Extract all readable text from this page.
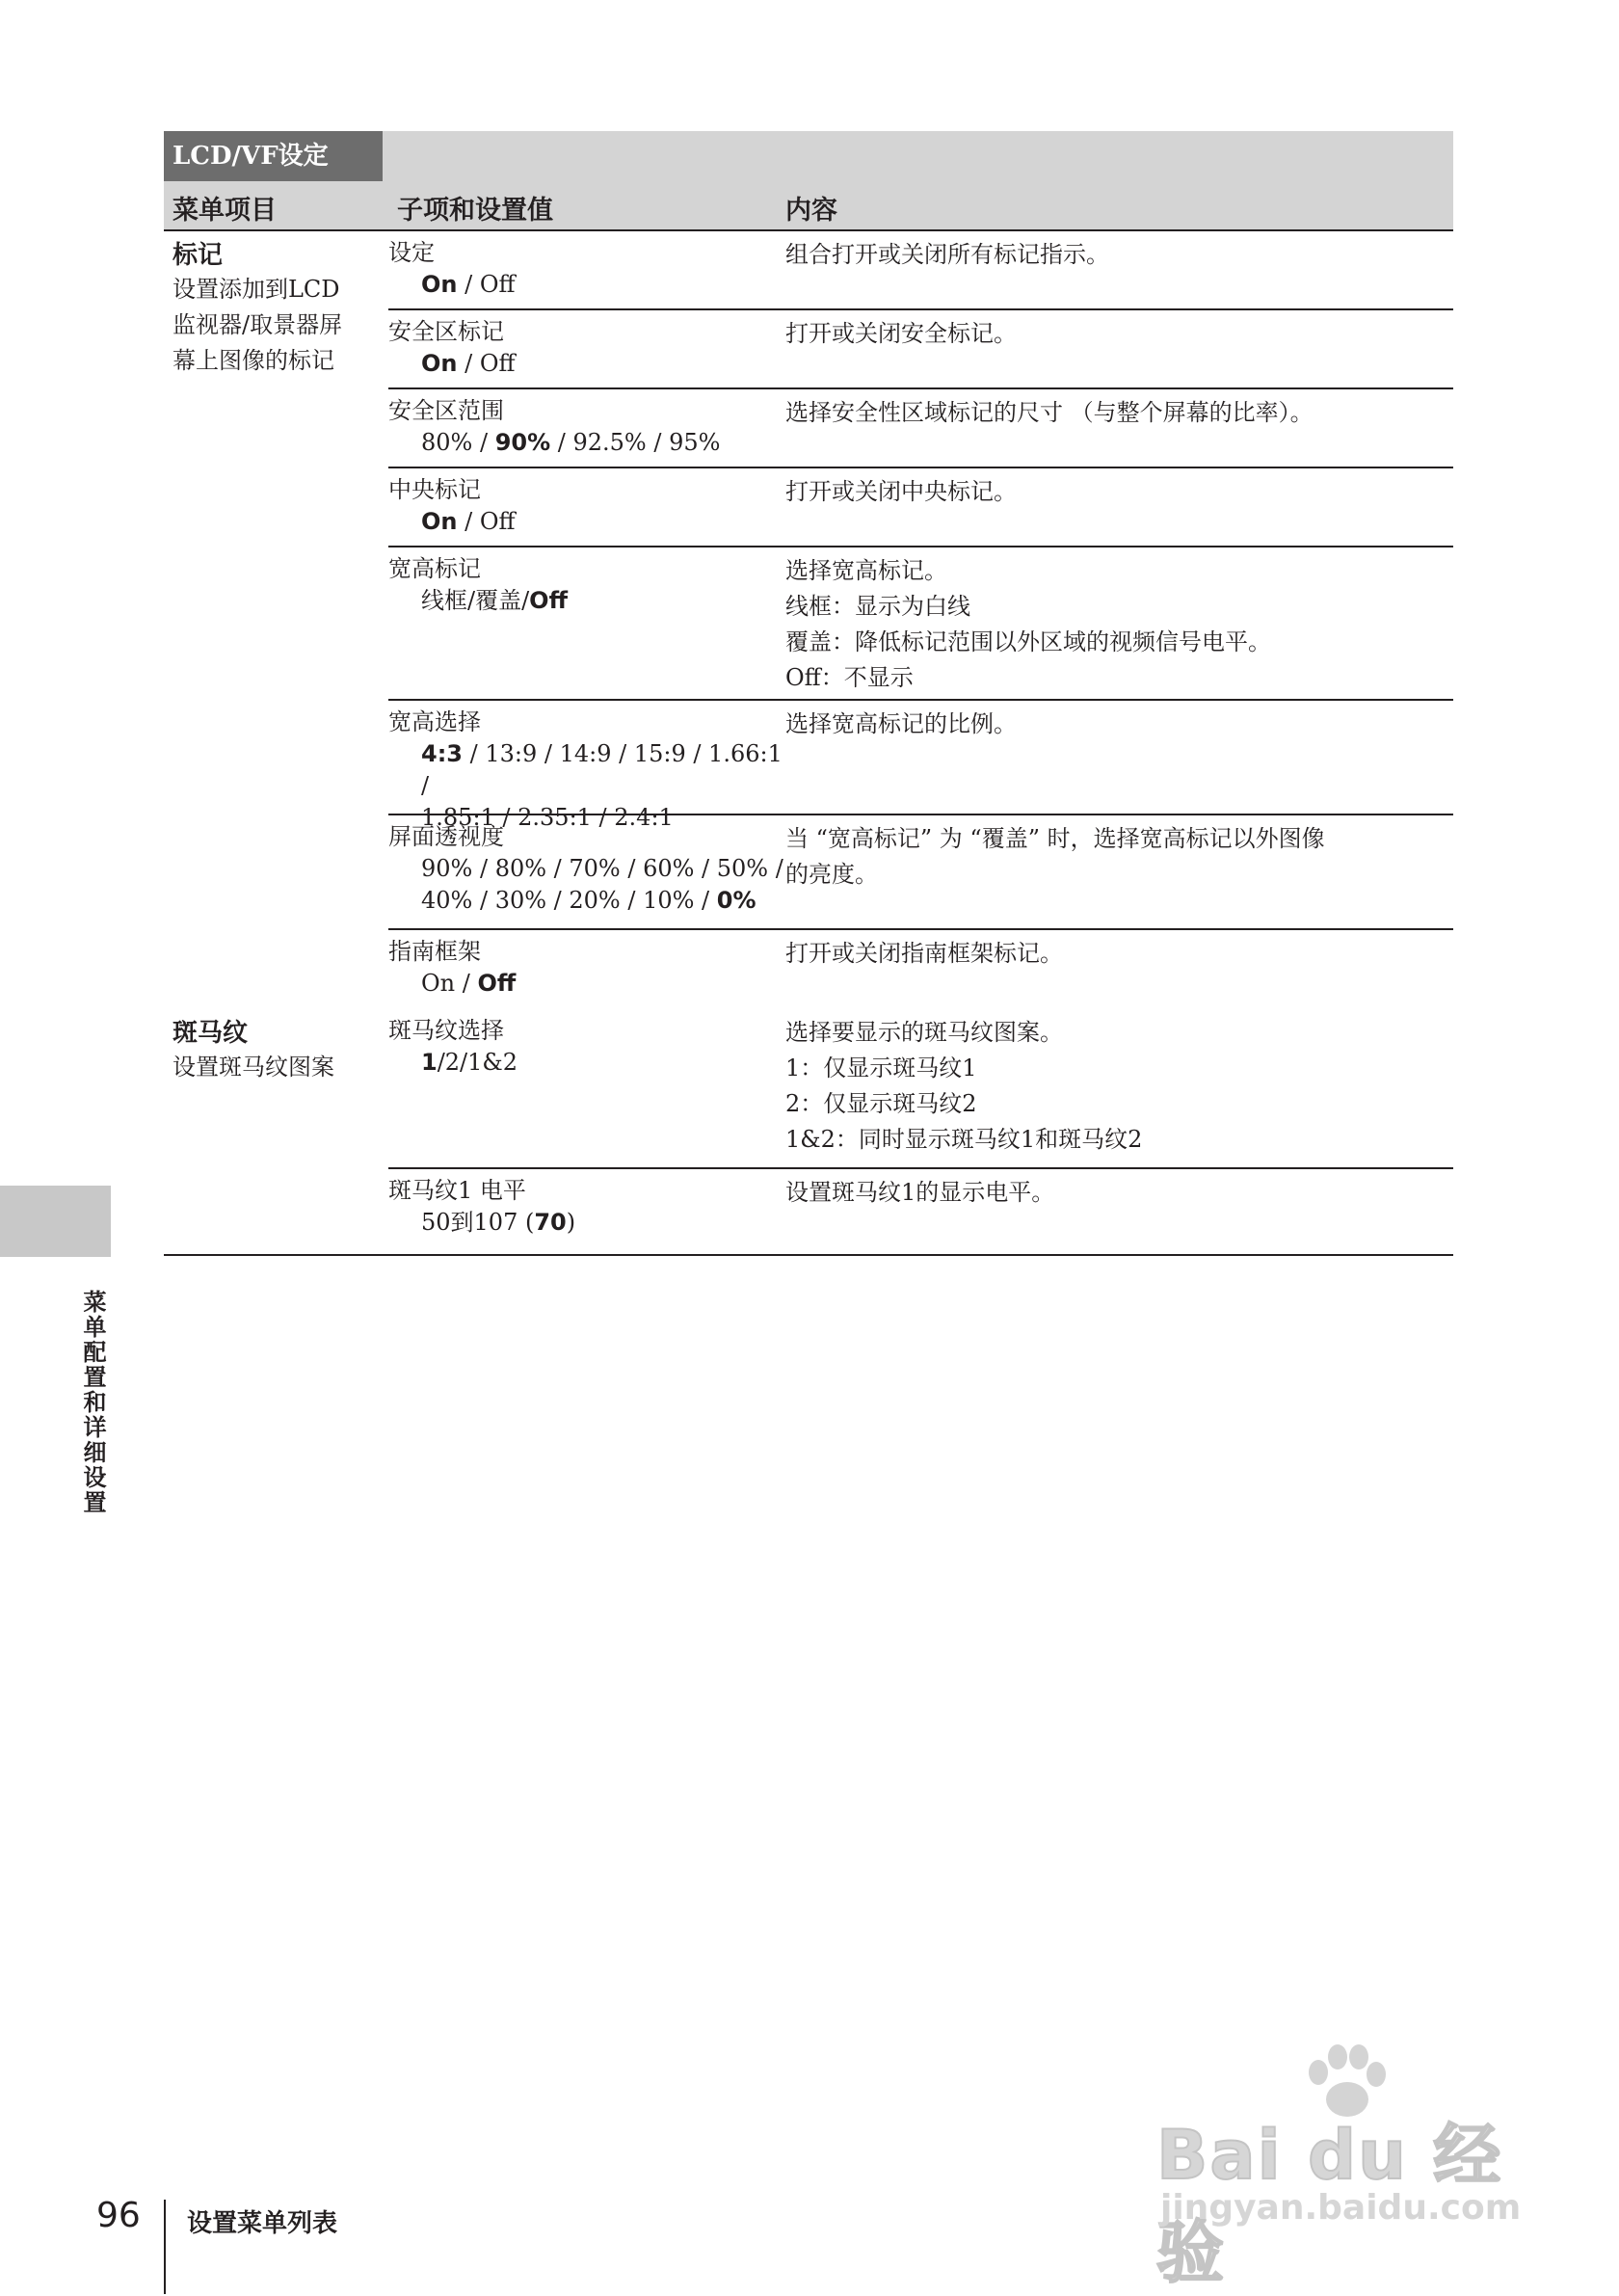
LCD/VF设定
菜单项目	子项和设置值	内容
标记
设置添加到LCD
监视器/取景器屏
幕上图像的标记
设定
On / Off
组合打开或关闭所有标记指示。
安全区标记
On / Off
打开或关闭安全标记。
安全区范围
80% / 90% / 92.5% / 95%
选择安全性区域标记的尺寸 （与整个屏幕的比率）。
中央标记
On / Off
打开或关闭中央标记。
宽高标记
线框/覆盖/Off
选择宽高标记。
线框：显示为白线
覆盖：降低标记范围以外区域的视频信号电平。
Off：不显示
宽高选择
4:3 / 13:9 / 14:9 / 15:9 / 1.66:1 /
1.85:1 / 2.35:1 / 2.4:1
选择宽高标记的比例。
屏面透视度
90% / 80% / 70% / 60% / 50% /
40% / 30% / 20% / 10% / 0%
当 “宽高标记” 为 “覆盖” 时，选择宽高标记以外图像
的亮度。
指南框架
On / Off
打开或关闭指南框架标记。
斑马纹
设置斑马纹图案
斑马纹选择
1/2/1&2
选择要显示的斑马纹图案。
1：仅显示斑马纹1
2：仅显示斑马纹2
1&2：同时显示斑马纹1和斑马纹2
斑马纹1 电平
50到107 (70)
设置斑马纹1的显示电平。
菜单配置和详细设置
96 设置菜单列表
Bai du 经验
jingyan.baidu.com
